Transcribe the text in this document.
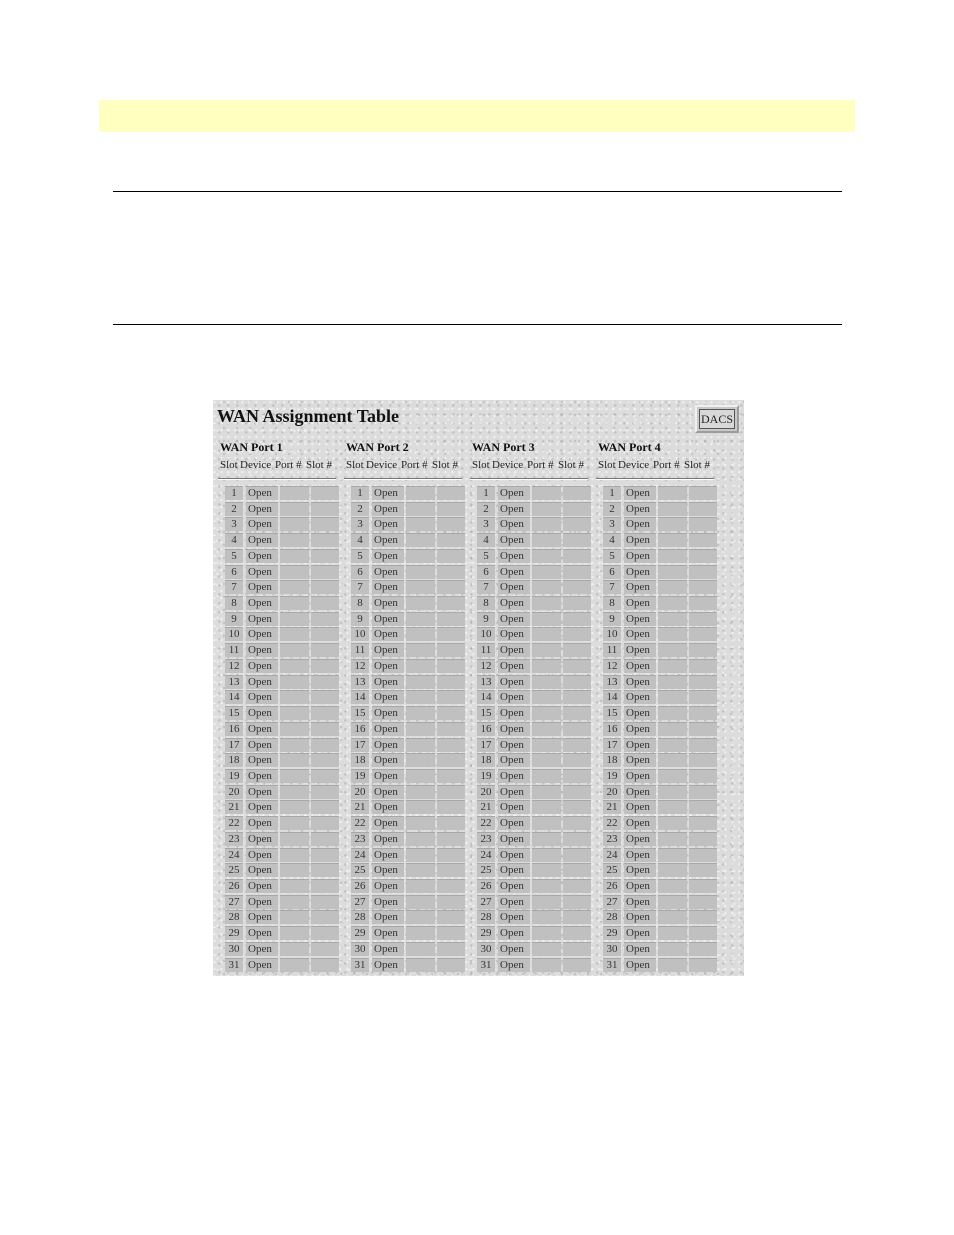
WAN Assignment Table	DACS
WAN Port 1
Slot Device Port # Slot #
1	Open
2	Open
3	Open
4	Open
5	Open
6	Open
7	Open
8	Open
9	Open
10 Open
11 Open
12 Open
13 Open
14 Open
15 Open
16 Open
17 Open
18 Open
19 Open
20 Open
21 Open
22 Open
23 Open
24 Open
25 Open
26 Open
27 Open
28 Open
29 Open
30 Open
31 Open
WAN Port 2
Slot Device Port # Slot #
1	Open
2	Open
3	Open
4	Open
5	Open
6	Open
7	Open
8	Open
9	Open
10 Open
11 Open
12 Open
13 Open
14 Open
15 Open
16 Open
17 Open
18 Open
19 Open
20 Open
21 Open
22 Open
23 Open
24 Open
25 Open
26 Open
27 Open
28 Open
29 Open
30 Open
31 Open
WAN Port 3
Slot Device Port # Slot #
1	Open
2	Open
3	Open
4	Open
5	Open
6	Open
7	Open
8	Open
9	Open
10 Open
11 Open
12 Open
13 Open
14 Open
15 Open
16 Open
17 Open
18 Open
19 Open
20 Open
21 Open
22 Open
23 Open
24 Open
25 Open
26 Open
27 Open
28 Open
29 Open
30 Open
31 Open
WAN Port 4
Slot Device Port # Slot #
1	Open
2	Open
3	Open
4	Open
5	Open
6	Open
7	Open
8	Open
9	Open
10 Open
11 Open
12 Open
13 Open
14 Open
15 Open
16 Open
17 Open
18 Open
19 Open
20 Open
21 Open
22 Open
23 Open
24 Open
25 Open
26 Open
27 Open
28 Open
29 Open
30 Open
31 Open
